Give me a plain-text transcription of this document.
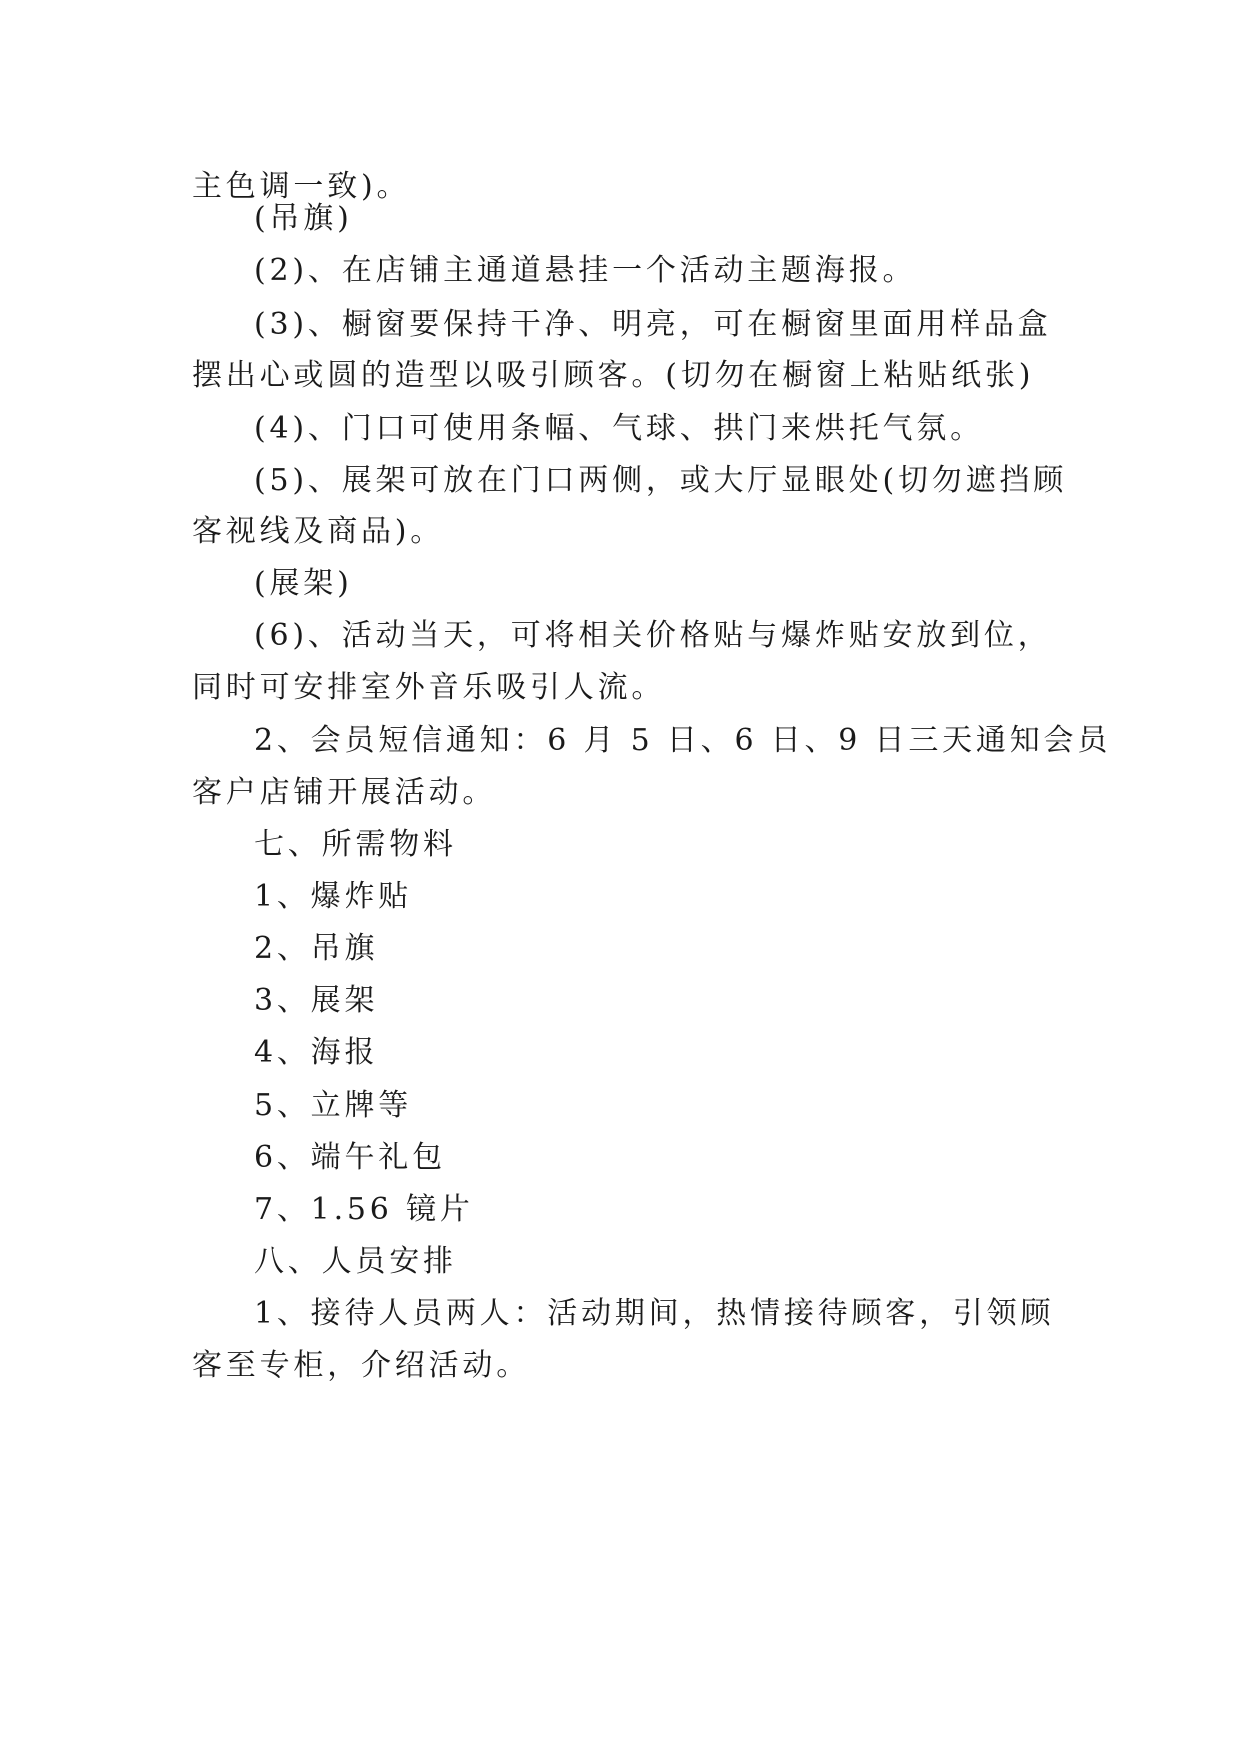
主色调一致)。
(吊旗)
(2)、在店铺主通道悬挂一个活动主题海报。
(3)、橱窗要保持干净、明亮，可在橱窗里面用样品盒
摆出心或圆的造型以吸引顾客。(切勿在橱窗上粘贴纸张)
(4)、门口可使用条幅、气球、拱门来烘托气氛。
(5)、展架可放在门口两侧，或大厅显眼处(切勿遮挡顾
客视线及商品)。
(展架)
(6)、活动当天，可将相关价格贴与爆炸贴安放到位，
同时可安排室外音乐吸引人流。
2、会员短信通知：6 月 5 日、6 日、9 日三天通知会员
客户店铺开展活动。
七、所需物料
1、爆炸贴
2、吊旗
3、展架
4、海报
5、立牌等
6、端午礼包
7、1.56 镜片
八、人员安排
1、接待人员两人：活动期间，热情接待顾客，引领顾
客至专柜，介绍活动。
